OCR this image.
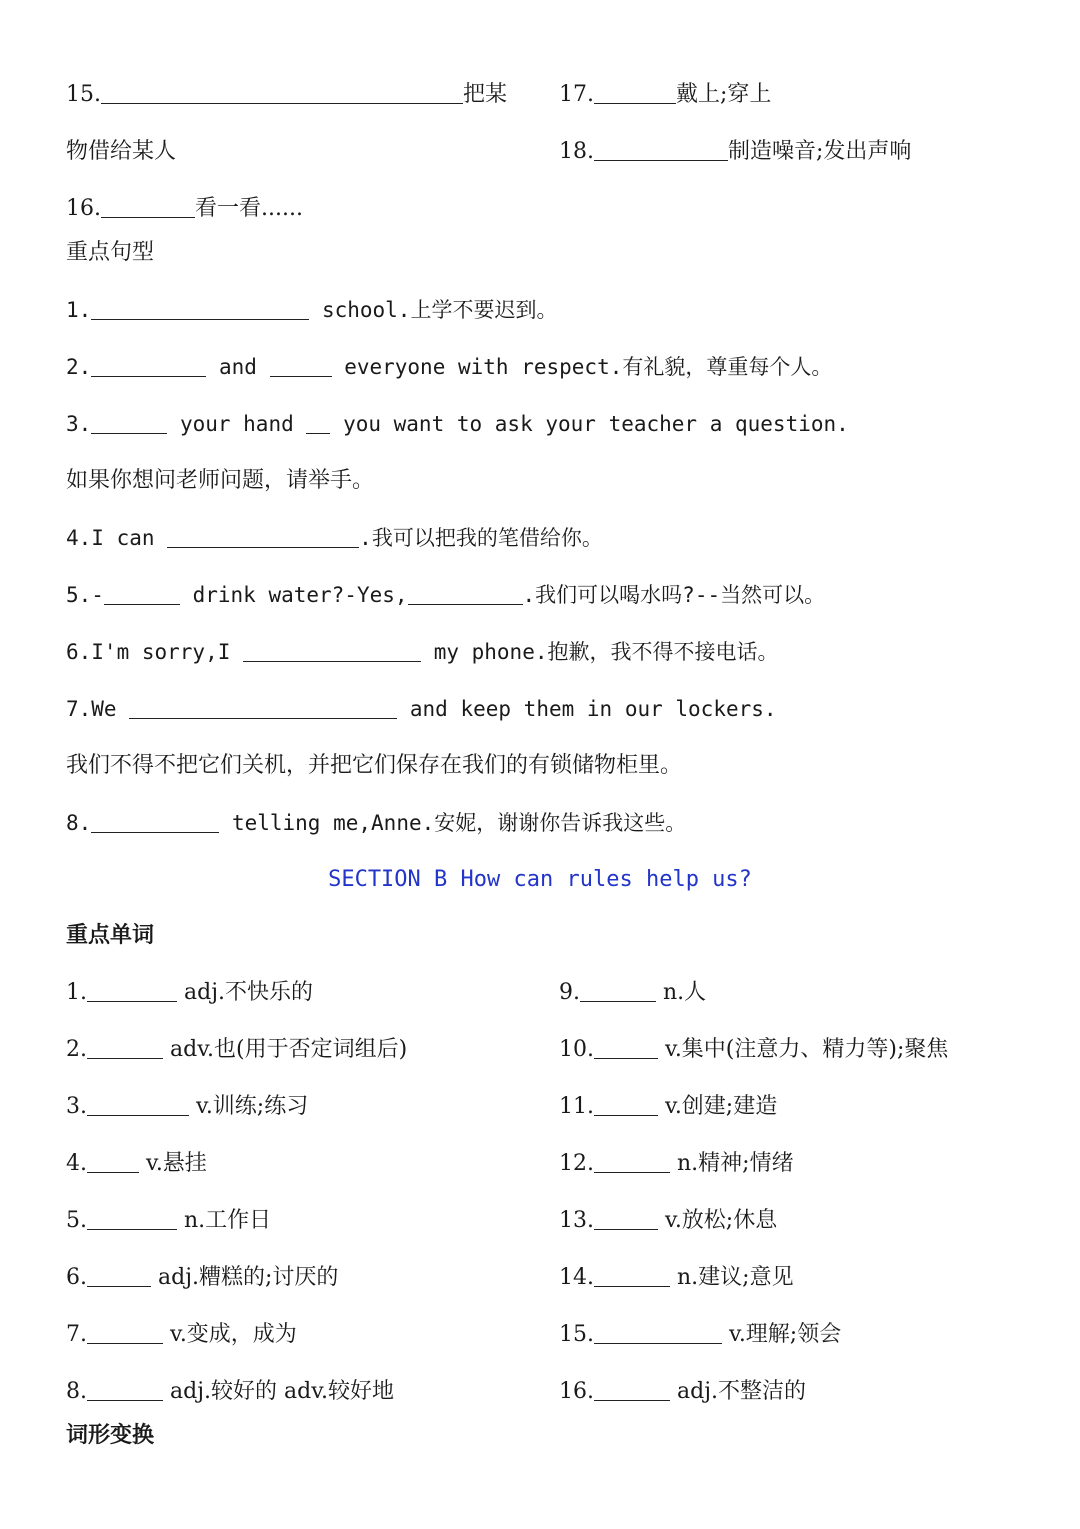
15.	把某
物借给某人
16.	看一看......
17.	戴上;穿上
18.	制造噪音;发出声响
重点句型
1.	school.上学不要迟到。
2.	and	everyone with respect.有礼貌，尊重每个人。
3.	your hand you want to ask your teacher a question.
如果你想问老师问题，请举手。
4.I can	.我可以把我的笔借给你。
5.-	drink water?-Yes,	.我们可以喝水吗?--当然可以。
6.I'm sorry,I	my phone.抱歉，我不得不接电话。
7.We	and keep them in our lockers.
我们不得不把它们关机，并把它们保存在我们的有锁储物柜里。
8.	telling me,Anne.安妮，谢谢你告诉我这些。
SECTION B How can rules help us?
重点单词
1.	adj.不快乐的
2.	adv.也(用于否定词组后)
3.	v.训练;练习
4.	v.悬挂
5.	n.工作日
6.	adj.糟糕的;讨厌的
7.	v.变成，成为
8.	adj.较好的 adv.较好地
9.	n.人
10.	v.集中(注意力、精力等);聚焦
11.	v.创建;建造
12.	n.精神;情绪
13.	v.放松;休息
14.	n.建议;意见
15.	v.理解;领会
16.	adj.不整洁的
词形变换
